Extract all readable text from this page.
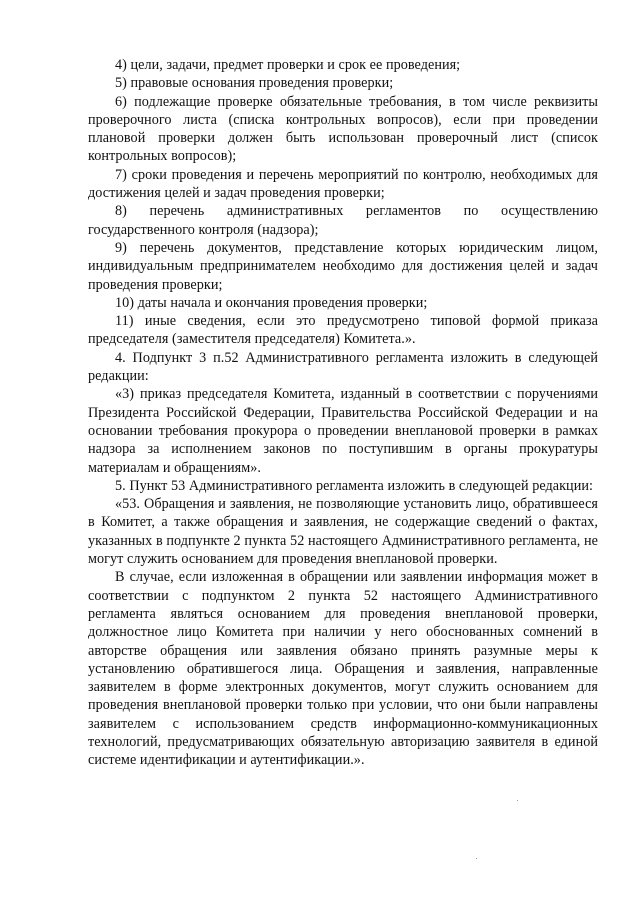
4) цели, задачи, предмет проверки и срок ее проведения;

5) правовые основания проведения проверки;

6) подлежащие проверке обязательные требования, в том числе реквизиты проверочного листа (списка контрольных вопросов), если при проведении плановой проверки должен быть использован проверочный лист (список контрольных вопросов);

7) сроки проведения и перечень мероприятий по контролю, необходимых для достижения целей и задач проведения проверки;

8) перечень административных регламентов по осуществлению государственного контроля (надзора);

9) перечень документов, представление которых юридическим лицом, индивидуальным предпринимателем необходимо для достижения целей и задач проведения проверки;

10) даты начала и окончания проведения проверки;

11) иные сведения, если это предусмотрено типовой формой приказа председателя (заместителя председателя) Комитета.».

4. Подпункт 3 п.52 Административного регламента изложить в следующей редакции:

«3) приказ председателя Комитета, изданный в соответствии с поручениями Президента Российской Федерации, Правительства Российской Федерации и на основании требования прокурора о проведении внеплановой проверки в рамках надзора за исполнением законов по поступившим в органы прокуратуры материалам и обращениям».

5. Пункт 53 Административного регламента изложить в следующей редакции:

«53. Обращения и заявления, не позволяющие установить лицо, обратившееся в Комитет, а также обращения и заявления, не содержащие сведений о фактах, указанных в подпункте 2 пункта 52 настоящего Административного регламента, не могут служить основанием для проведения внеплановой проверки.

В случае, если изложенная в обращении или заявлении информация может в соответствии с подпунктом 2 пункта 52 настоящего Административного регламента являться основанием для проведения внеплановой проверки, должностное лицо Комитета при наличии у него обоснованных сомнений в авторстве обращения или заявления обязано принять разумные меры к установлению обратившегося лица. Обращения и заявления, направленные заявителем в форме электронных документов, могут служить основанием для проведения внеплановой проверки только при условии, что они были направлены заявителем с использованием средств информационно-коммуникационных технологий, предусматривающих обязательную авторизацию заявителя в единой системе идентификации и аутентификации.».
